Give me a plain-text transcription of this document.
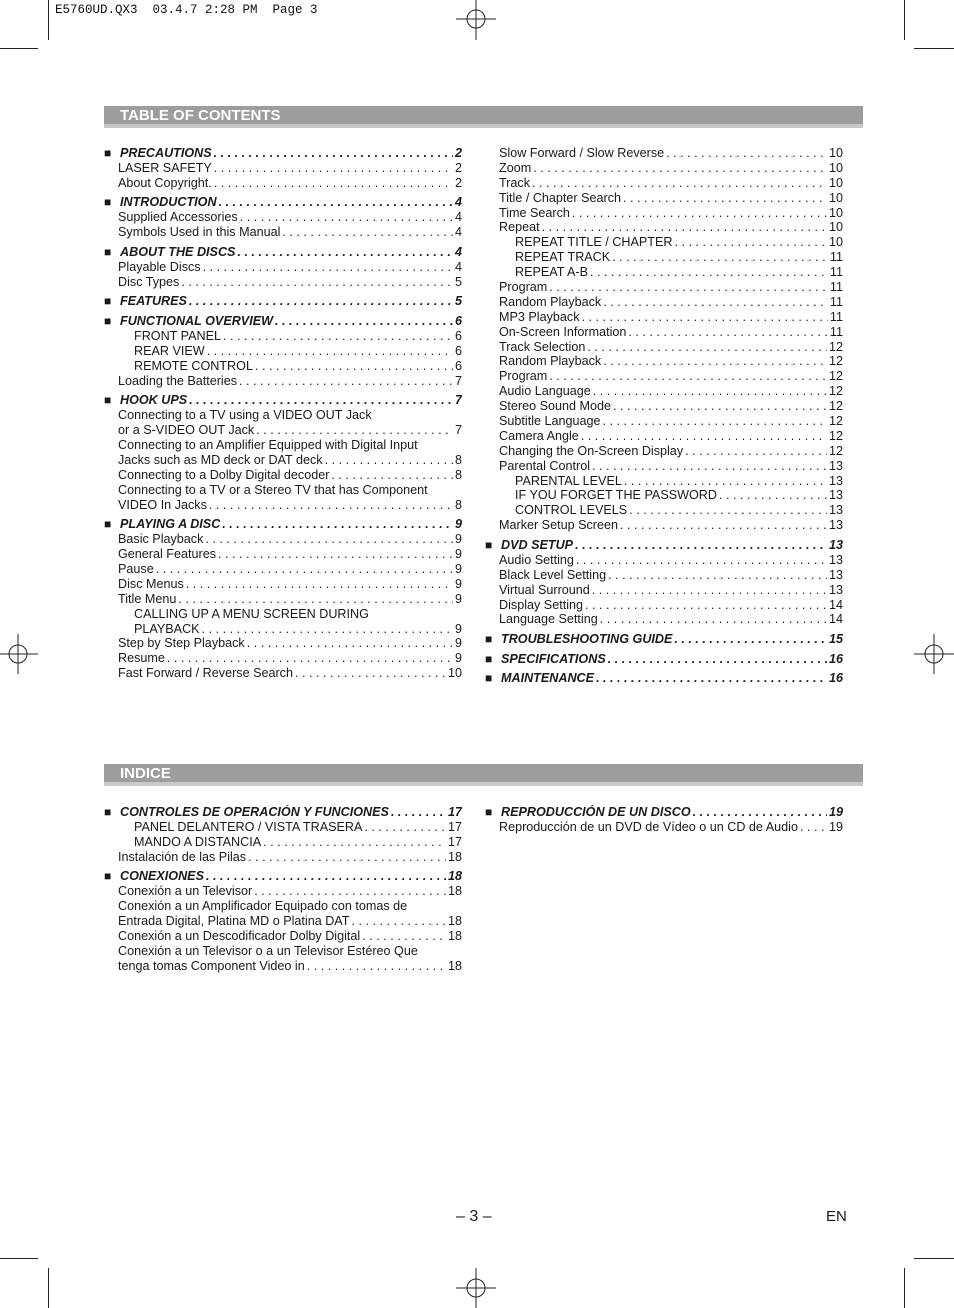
E5760UD.QX3  03.4.7 2:28 PM  Page 3
TABLE OF CONTENTS
■ PRECAUTIONS . . .	2
LASER SAFETY . . .	2
About Copyright. . . .	2
■ INTRODUCTION . . .	4
Supplied Accessories . . .	4
Symbols Used in this Manual . . .	4
■ ABOUT THE DISCS . . .	4
Playable Discs . . .	4
Disc Types . . .	5
■ FEATURES . . .	5
■ FUNCTIONAL OVERVIEW . . .	6
FRONT PANEL . . .	6
REAR VIEW . . .	6
REMOTE CONTROL . . .	6
Loading the Batteries . . .	7
■ HOOK UPS . . .	7
Connecting to a TV using a VIDEO OUT Jack
or a S-VIDEO OUT Jack . . .	7
Connecting to an Amplifier Equipped with Digital Input
Jacks such as MD deck or DAT deck . . .	8
Connecting to a Dolby Digital decoder . . .	8
Connecting to a TV or a Stereo TV that has Component
VIDEO In Jacks . . .	8
■ PLAYING A DISC . . .	9
Basic Playback . . .	9
General Features . . .	9
Pause . . .	9
Disc Menus . . .	9
Title Menu . . .	9
CALLING UP A MENU SCREEN DURING
PLAYBACK . . .	9
Step by Step Playback . . .	9
Resume . . .	9
Fast Forward / Reverse Search . . .	10
Slow Forward / Slow Reverse . . .	10
Zoom . . .	10
Track . . .	10
Title / Chapter Search . . .	10
Time Search . . .	10
Repeat . . .	10
REPEAT TITLE / CHAPTER . . .	10
REPEAT TRACK . . .	11
REPEAT A-B . . .	11
Program . . .	11
Random Playback . . .	11
MP3 Playback . . .	11
On-Screen Information . . .	11
Track Selection . . .	12
Random Playback . . .	12
Program . . .	12
Audio Language . . .	12
Stereo Sound Mode . . .	12
Subtitle Language . . .	12
Camera Angle . . .	12
Changing the On-Screen Display . . .	12
Parental Control . . .	13
PARENTAL LEVEL . . .	13
IF YOU FORGET THE PASSWORD . . .	13
CONTROL LEVELS . . .	13
Marker Setup Screen . . .	13
■ DVD SETUP . . .	13
Audio Setting . . .	13
Black Level Setting . . .	13
Virtual Surround . . .	13
Display Setting . . .	14
Language Setting . . .	14
■ TROUBLESHOOTING GUIDE . . .	15
■ SPECIFICATIONS . . .	16
■ MAINTENANCE . . .	16
INDICE
■ CONTROLES DE OPERACIÓN Y FUNCIONES . . .	17
PANEL DELANTERO / VISTA TRASERA . . .	17
MANDO A DISTANCIA . . .	17
Instalación de las Pilas . . .	18
■ CONEXIONES . . .	18
Conexión a un Televisor . . .	18
Conexión a un Amplificador Equipado con tomas de
Entrada Digital, Platina MD o Platina DAT . . .	18
Conexión a un Descodificador Dolby Digital . . .	18
Conexión a un Televisor o a un Televisor Estéreo Que
tenga tomas Component Video in . . .	18
■ REPRODUCCIÓN DE UN DISCO . . .	19
Reproducción de un DVD de Vídeo o un CD de Audio . . . 19
– 3 –	EN
